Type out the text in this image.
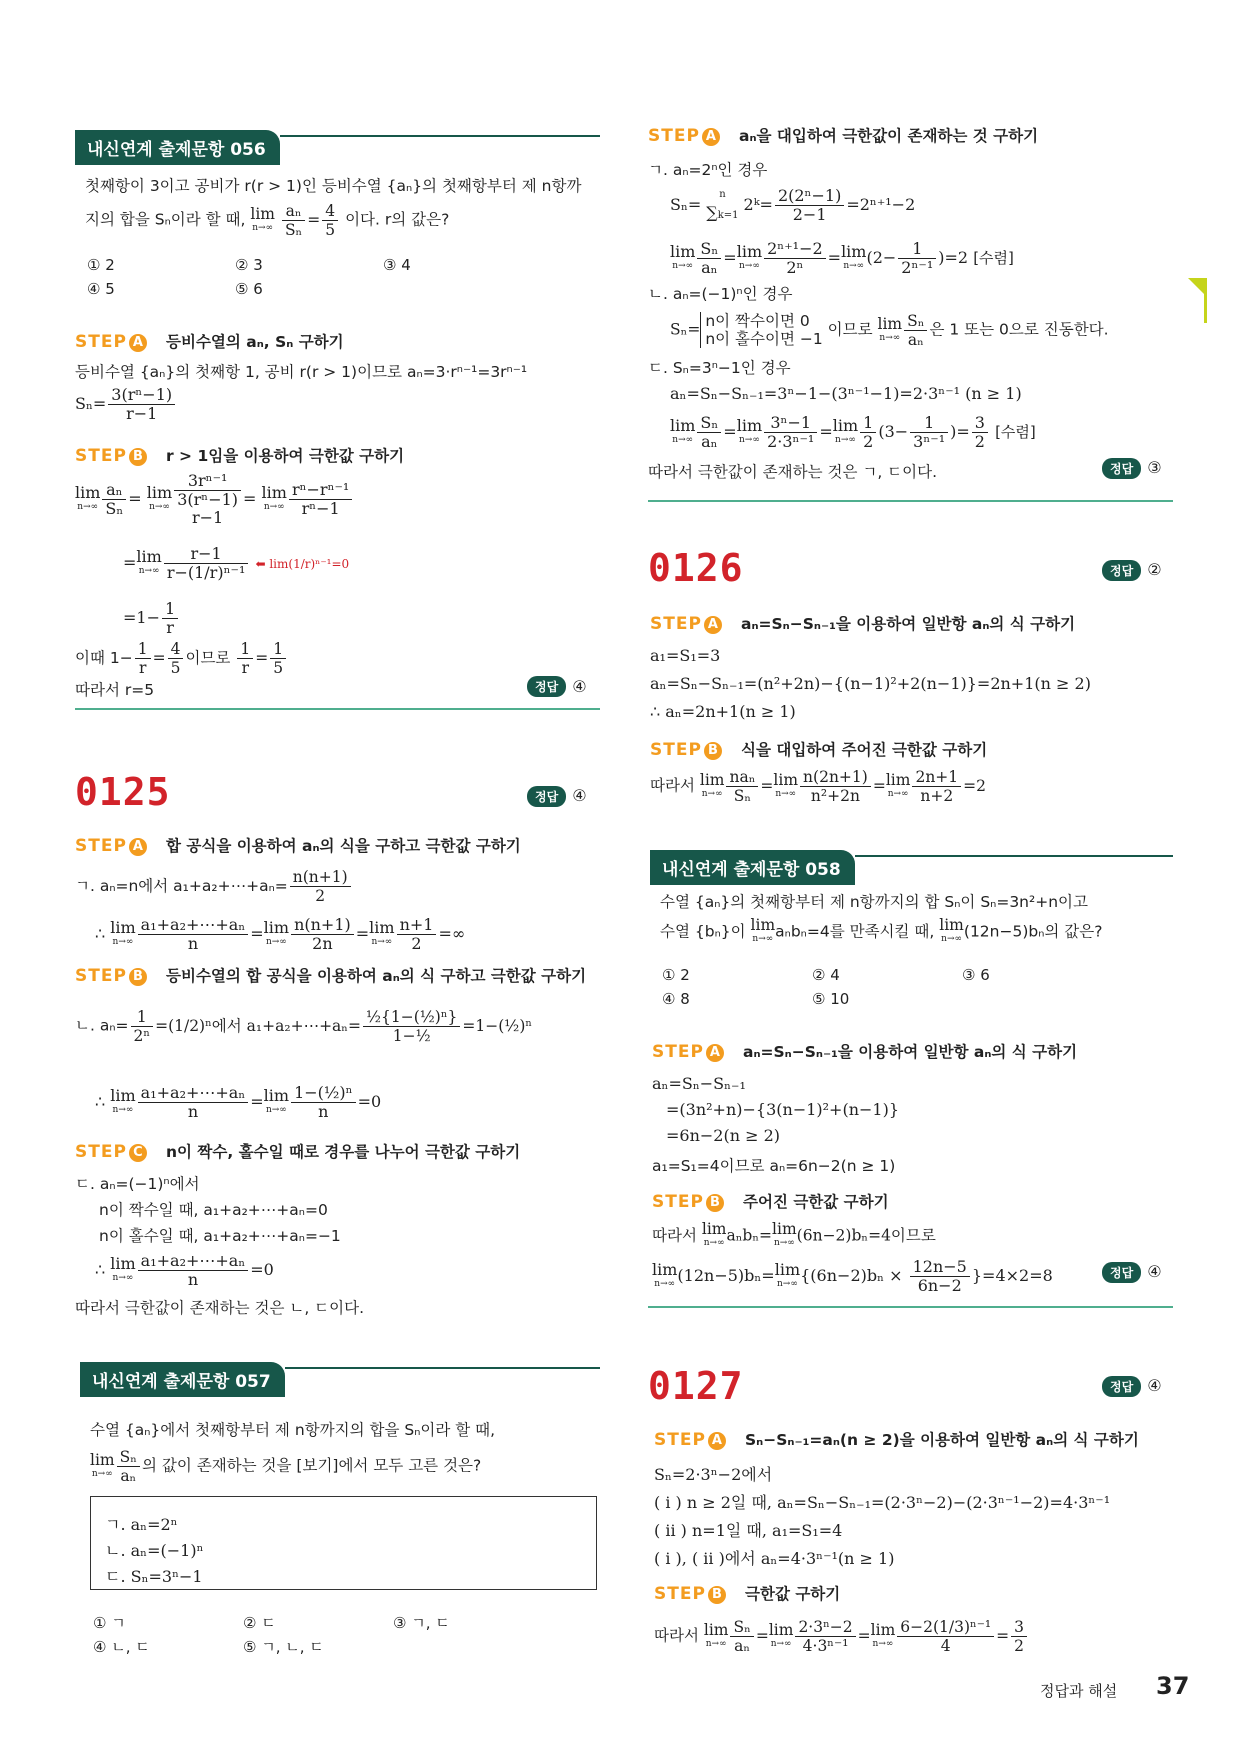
내신연계 출제문항 056
첫째항이 3이고 공비가 r(r > 1)인 등비수열 {aₙ}의 첫째항부터 제 n항까
지의 합을 Sₙ이라 할 때, lim
n→∞
$\frac{\text{aₙ}}{\text{Sₙ}} = \frac{4}{5}$ 이다. r의 값은?
① 2	② 3	③ 4
④ 5	⑤ 6
STEP A 등비수열의 aₙ, Sₙ 구하기
등비수열 {aₙ}의 첫째항 1, 공비 r(r > 1)이므로 aₙ=3·rⁿ⁻¹=3rⁿ⁻¹
$S_n= \frac{\text{3(rⁿ−1)}}{r-1}$
STEP B r > 1임을 이용하여 극한값 구하기
lim
$n\to\infty \frac{\text{aₙ}}{\text{Sₙ}} = \lim$
n→∞
3rⁿ⁻¹
3(rⁿ−1)
r−1
= lim
$n\to\infty \frac{\text{rⁿ−rⁿ⁻¹}}{\text{rⁿ−1}}$
=lim
$n\to\infty \frac{r-1}{\text{r−(1/r)ⁿ⁻¹}}$ ⬅ lim(1/r)ⁿ⁻¹=0
$=1- \frac{1}{r}$
이때 $1- \frac{1}{r} = \frac{4}{5}$ 이므로 $\frac{1}{r} = \frac{1}{5}$
따라서 r=5	정답 ④
0125	정답 ④
STEP A 합 공식을 이용하여 aₙ의 식을 구하고 극한값 구하기
ㄱ. aₙ=n에서 a₁+a₂+⋯+aₙ= $\frac{n(n+1)}{2}$
∴ lim
$n\to\infty \frac{\text{a₁+a₂+⋯+aₙ}}{n} =\lim$
$n\to\infty \frac{n(n+1)}{2n} =\lim$
$n\to\infty \frac{n+1}{2}$ =∞
STEP B 등비수열의 합 공식을 이용하여 aₙ의 식 구하고 극한값 구하기
ㄴ. $a_n= \frac{1}{\text{2ⁿ}} =(1/2)^n$에서 a₁+a₂+⋯+aₙ= $\frac{\text{½\{1−(½)ⁿ\}}}{\text{1−½}}$ =1−(½)ⁿ
∴ lim
$n\to\infty \frac{\text{a₁+a₂+⋯+aₙ}}{n} =\lim$
$n\to\infty \frac{\text{1−(½)ⁿ}}{n} =0$
STEP C n이 짝수, 홀수일 때로 경우를 나누어 극한값 구하기
ㄷ. aₙ=(−1)ⁿ에서
n이 짝수일 때, a₁+a₂+⋯+aₙ=0
n이 홀수일 때, a₁+a₂+⋯+aₙ=−1
∴ lim
$n\to\infty \frac{\text{a₁+a₂+⋯+aₙ}}{n} =0$
따라서 극한값이 존재하는 것은 ㄴ, ㄷ이다.
내신연계 출제문항 057
수열 {aₙ}에서 첫째항부터 제 n항까지의 합을 Sₙ이라 할 때,
lim
$n\to\infty \frac{\text{Sₙ}}{\text{aₙ}}$ 의 값이 존재하는 것을 [보기]에서 모두 고른 것은?
ㄱ. aₙ=2ⁿ
ㄴ. aₙ=(−1)ⁿ
ㄷ. Sₙ=3ⁿ−1
① ㄱ	② ㄷ	③ ㄱ, ㄷ
④ ㄴ, ㄷ	⑤ ㄱ, ㄴ, ㄷ
STEP A aₙ을 대입하여 극한값이 존재하는 것 구하기
ㄱ. aₙ=2ⁿ인 경우
Sₙ=
n
∑k=1
2ᵏ= $\frac{\text{2(2ⁿ−1)}}{2-1} =2^{n+1}-2$
lim
$n\to\infty \frac{\text{Sₙ}}{\text{aₙ}} =\lim$
$n\to\infty \frac{\text{2ⁿ⁺¹−2}}{\text{2ⁿ}} =\lim$
n→∞ $(2- \frac{1}{\text{2ⁿ⁻¹}} )=2$ [수렴]
ㄴ. aₙ=(−1)ⁿ인 경우
Sₙ= n이 짝수이면 0
n이 홀수이면 −1
이므로 lim
$n\to\infty \frac{\text{Sₙ}}{\text{aₙ}}$ 은 1 또는 0으로 진동한다.
ㄷ. Sₙ=3ⁿ−1인 경우
aₙ=Sₙ−Sₙ₋₁=3ⁿ−1−(3ⁿ⁻¹−1)=2·3ⁿ⁻¹ (n ≥ 1)
lim
$n\to\infty \frac{\text{Sₙ}}{\text{aₙ}} =\lim$
$n\to\infty \frac{\text{3ⁿ−1}}{\text{2·3ⁿ⁻¹}} =\lim$
$n\to\infty \frac{1}{2} (3- \frac{1}{\text{3ⁿ⁻¹}}$ )= $\frac{3}{2}$ [수렴]
따라서 극한값이 존재하는 것은 ㄱ, ㄷ이다.	정답 ③
0126	정답 ②
STEP A aₙ=Sₙ−Sₙ₋₁을 이용하여 일반항 aₙ의 식 구하기
a₁=S₁=3
aₙ=Sₙ−Sₙ₋₁=(n²+2n)−{(n−1)²+2(n−1)}=2n+1(n ≥ 2)
∴ aₙ=2n+1(n ≥ 1)
STEP B 식을 대입하여 주어진 극한값 구하기
따라서 lim
$n\to\infty \frac{\text{naₙ}}{\text{Sₙ}} =\lim$
$n\to\infty \frac{n(2n+1)}{\text{n²+2n}} =\lim$
$n\to\infty \frac{2n+1}{n+2} =2$
내신연계 출제문항 058
수열 {aₙ}의 첫째항부터 제 n항까지의 합 Sₙ이 Sₙ=3n²+n이고
수열 {bₙ}이 lim
n→∞ aₙbₙ=4를 만족시킬 때, lim
n→∞ (12n−5)bₙ의 값은?
① 2	② 4	③ 6
④ 8	⑤ 10
STEP A aₙ=Sₙ−Sₙ₋₁을 이용하여 일반항 aₙ의 식 구하기
aₙ=Sₙ−Sₙ₋₁
=(3n²+n)−{3(n−1)²+(n−1)}
=6n−2(n ≥ 2)
a₁=S₁=4이므로 aₙ=6n−2(n ≥ 1)
STEP B 주어진 극한값 구하기
따라서 lim
n→∞ aₙbₙ=lim
n→∞ (6n−2)bₙ=4이므로
lim
n→∞ (12n−5)bₙ=lim
n→∞ $\{(6n-2)b_n \times \frac{12n-5}{6n-2} \}=4\times 2=8$	정답 ④
0127	정답 ④
STEP A Sₙ−Sₙ₋₁=aₙ(n ≥ 2)을 이용하여 일반항 aₙ의 식 구하기
Sₙ=2·3ⁿ−2에서
( i ) n ≥ 2일 때, aₙ=Sₙ−Sₙ₋₁=(2·3ⁿ−2)−(2·3ⁿ⁻¹−2)=4·3ⁿ⁻¹
( ii ) n=1일 때, a₁=S₁=4
( i ), ( ii )에서 aₙ=4·3ⁿ⁻¹(n ≥ 1)
STEP B 극한값 구하기
따라서 lim
$n\to\infty \frac{\text{Sₙ}}{\text{aₙ}} =\lim$
$n\to\infty \frac{\text{2·3ⁿ−2}}{\text{4·3ⁿ⁻¹}} =\lim$
$n\to\infty \frac{\text{6−2(1/3)ⁿ⁻¹}}{4} = \frac{3}{2}$
정답과 해설 37
